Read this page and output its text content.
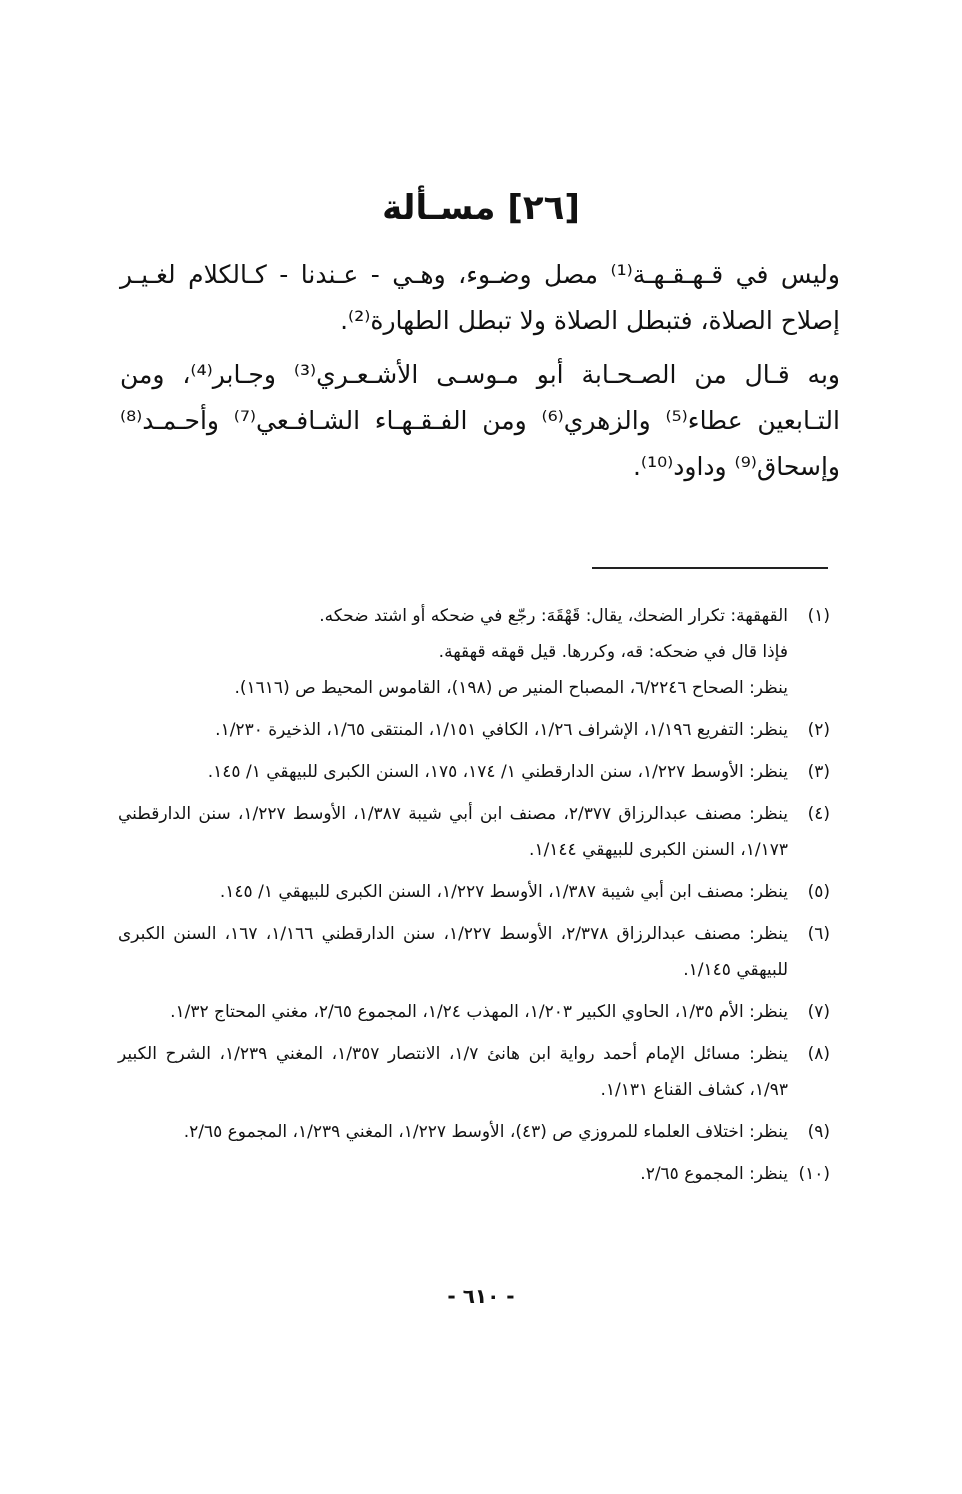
[٢٦] مسـألة
وليس في قـهـقـهـة⁽¹⁾ مصل وضـوء، وهـي - عـندنا - كـالكلام لغـيـر إصلاح الصلاة، فتبطل الصلاة ولا تبطل الطهارة⁽²⁾.
وبه قـال من الصـحـابة أبو مـوسـى الأشـعـري⁽³⁾ وجـابر⁽⁴⁾، ومن التـابعين عطاء⁽⁵⁾ والزهري⁽⁶⁾ ومن الفـقـهـاء الشـافـعي⁽⁷⁾ وأحـمـد⁽⁸⁾ وإسحاق⁽⁹⁾ وداود⁽¹⁰⁾.
(١)
القهقهة: تكرار الضحك، يقال: قَهْقَهَ: رجّع في ضحكه أو اشتد ضحكه.
فإذا قال في ضحكه: قه، وكررها. قيل قهقه قهقهة.
ينظر: الصحاح ٦/٢٢٤٦، المصباح المنير ص (١٩٨)، القاموس المحيط ص (١٦١٦).
(٢)
ينظر: التفريع ١/١٩٦، الإشراف ١/٢٦، الكافي ١/١٥١، المنتقى ١/٦٥، الذخيرة ١/٢٣٠.
(٣)
ينظر: الأوسط ١/٢٢٧، سنن الدارقطني ١/ ١٧٤، ١٧٥، السنن الكبرى للبيهقي ١/ ١٤٥.
(٤)
ينظر: مصنف عبدالرزاق ٢/٣٧٧، مصنف ابن أبي شيبة ١/٣٨٧، الأوسط ١/٢٢٧، سنن الدارقطني ١/١٧٣، السنن الكبرى للبيهقي ١/١٤٤.
(٥)
ينظر: مصنف ابن أبي شيبة ١/٣٨٧، الأوسط ١/٢٢٧، السنن الكبرى للبيهقي ١/ ١٤٥.
(٦)
ينظر: مصنف عبدالرزاق ٢/٣٧٨، الأوسط ١/٢٢٧، سنن الدارقطني ١/١٦٦، ١٦٧، السنن الكبرى للبيهقي ١/١٤٥.
(٧)
ينظر: الأم ١/٣٥، الحاوي الكبير ١/٢٠٣، المهذب ١/٢٤، المجموع ٢/٦٥، مغني المحتاج ١/٣٢.
(٨)
ينظر: مسائل الإمام أحمد رواية ابن هانئ ١/٧، الانتصار ١/٣٥٧، المغني ١/٢٣٩، الشرح الكبير ١/٩٣، كشاف القناع ١/١٣١.
(٩)
ينظر: اختلاف العلماء للمروزي ص (٤٣)، الأوسط ١/٢٢٧، المغني ١/٢٣٩، المجموع ٢/٦٥.
(١٠)
ينظر: المجموع ٢/٦٥.
- ٦١٠ -
